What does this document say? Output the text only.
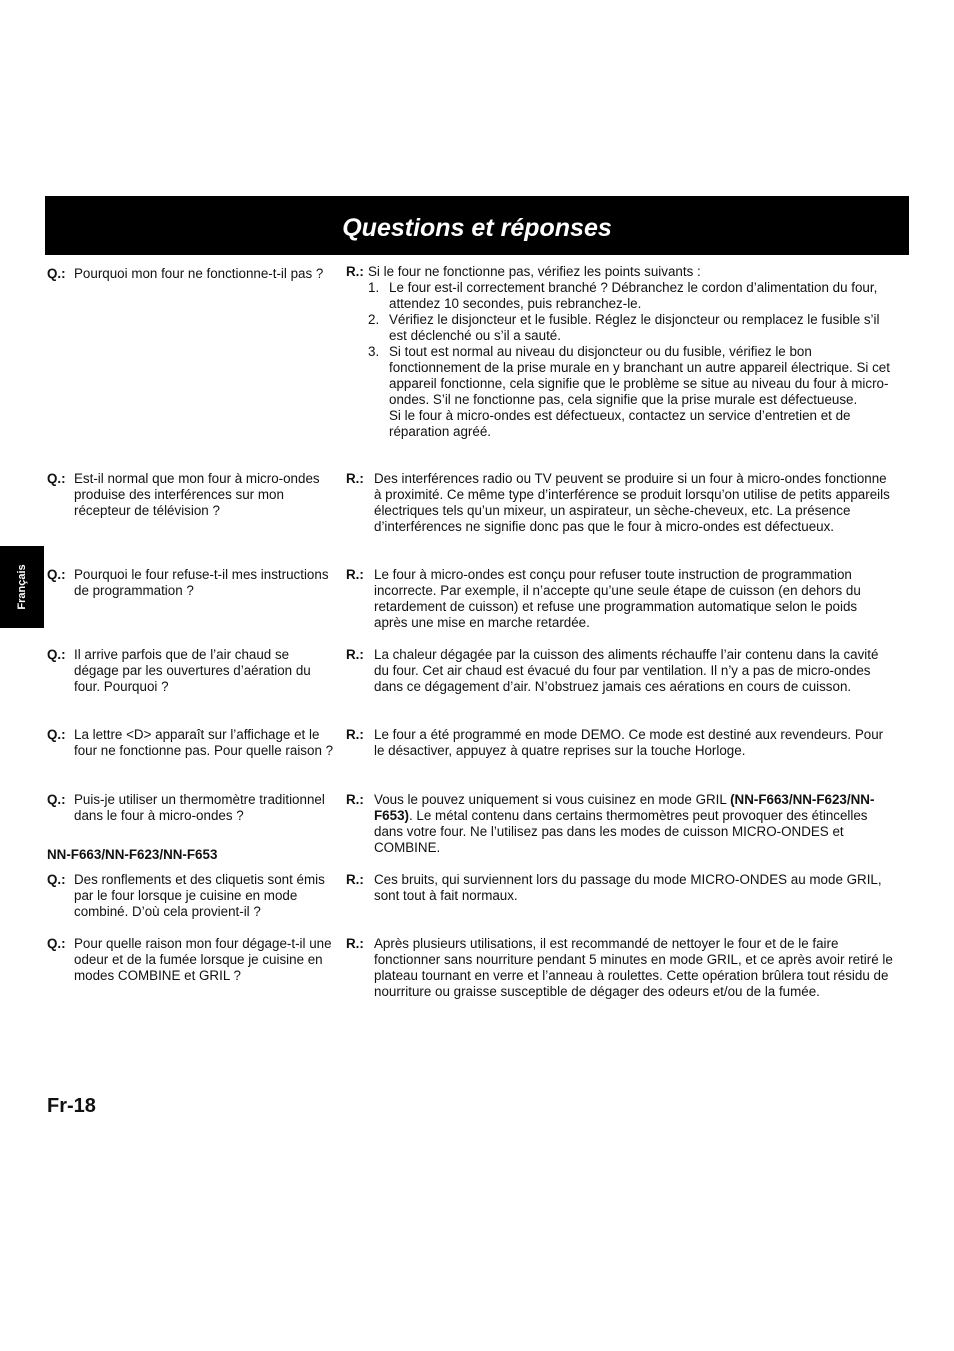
Questions et réponses
Français
Q.: Pourquoi mon four ne fonctionne-t-il pas ?	R.: Si le four ne fonctionne pas, vérifiez les points suivants :
1. Le four est-il correctement branché ? Débranchez le cordon d’alimentation du four, attendez 10 secondes, puis rebranchez-le.
2. Vérifiez le disjoncteur et le fusible. Réglez le disjoncteur ou remplacez le fusible s’il est déclenché ou s’il a sauté.
3. Si tout est normal au niveau du disjoncteur ou du fusible, vérifiez le bon fonctionnement de la prise murale en y branchant un autre appareil électrique. Si cet appareil fonctionne, cela signifie que le problème se situe au niveau du four à micro-ondes. S’il ne fonctionne pas, cela signifie que la prise murale est défectueuse.
Si le four à micro-ondes est défectueux, contactez un service d’entretien et de réparation agréé.
Q.: Est-il normal que mon four à micro-ondes produise des interférences sur mon récepteur de télévision ?
R.: Des interférences radio ou TV peuvent se produire si un four à micro-ondes fonctionne à proximité. Ce même type d’interférence se produit lorsqu’on utilise de petits appareils électriques tels qu’un mixeur, un aspirateur, un sèche-cheveux, etc. La présence d’interférences ne signifie donc pas que le four à micro-ondes est défectueux.
Q.: Pourquoi le four refuse-t-il mes instructions de programmation ?
R.: Le four à micro-ondes est conçu pour refuser toute instruction de programmation incorrecte. Par exemple, il n’accepte qu’une seule étape de cuisson (en dehors du retardement de cuisson) et refuse une programmation automatique selon le poids après une mise en marche retardée.
Q.: Il arrive parfois que de l’air chaud se dégage par les ouvertures d’aération du four. Pourquoi ?
R.: La chaleur dégagée par la cuisson des aliments réchauffe l’air contenu dans la cavité du four. Cet air chaud est évacué du four par ventilation. Il n’y a pas de micro-ondes dans ce dégagement d’air. N’obstruez jamais ces aérations en cours de cuisson.
Q.: La lettre <D> apparaît sur l’affichage et le four ne fonctionne pas. Pour quelle raison ?
R.: Le four a été programmé en mode DEMO. Ce mode est destiné aux revendeurs. Pour le désactiver, appuyez à quatre reprises sur la touche Horloge.
Q.: Puis-je utiliser un thermomètre traditionnel dans le four à micro-ondes ?
R.: Vous le pouvez uniquement si vous cuisinez en mode GRIL (NN-F663/NN-F623/NN-F653). Le métal contenu dans certains thermomètres peut provoquer des étincelles dans votre four. Ne l’utilisez pas dans les modes de cuisson MICRO-ONDES et COMBINE.
NN-F663/NN-F623/NN-F653
Q.: Des ronflements et des cliquetis sont émis par le four lorsque je cuisine en mode combiné. D’où cela provient-il ?
R.: Ces bruits, qui surviennent lors du passage du mode MICRO-ONDES au mode GRIL, sont tout à fait normaux.
Q.: Pour quelle raison mon four dégage-t-il une odeur et de la fumée lorsque je cuisine en modes COMBINE et GRIL ?
R.: Après plusieurs utilisations, il est recommandé de nettoyer le four et de le faire fonctionner sans nourriture pendant 5 minutes en mode GRIL, et ce après avoir retiré le plateau tournant en verre et l’anneau à roulettes. Cette opération brûlera tout résidu de nourriture ou graisse susceptible de dégager des odeurs et/ou de la fumée.
Fr-18
